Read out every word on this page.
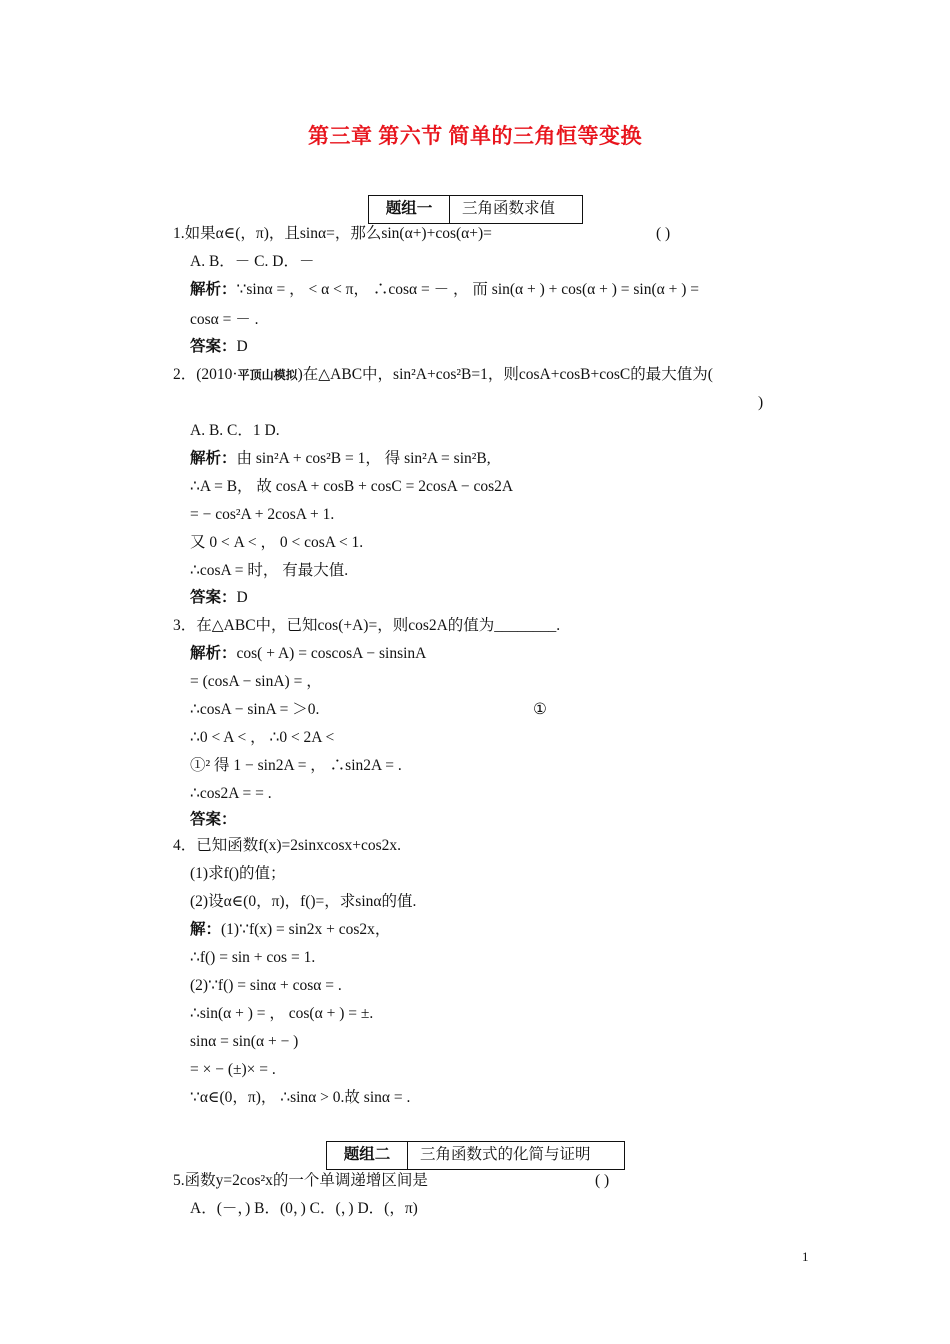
第三章 第六节 简单的三角恒等变换
题组一	三角函数求值
1.如果α∈(，π)，且sinα=，那么sin(α+)+cos(α+)=	( )
A. B．－ C. D．－
解析：∵sinα = ， < α < π， ∴cosα = － ， 而 sin(α + ) + cos(α + ) = sin(α + ) =
cosα = － .
答案：D
2．(2010·平顶山模拟)在△ABC中，sin²A+cos²B=1，则cosA+cosB+cosC的最大值为(
)
A. B. C．1 D.
解析：由 sin²A + cos²B = 1， 得 sin²A = sin²B,
∴A = B， 故 cosA + cosB + cosC = 2cosA − cos2A
= − cos²A + 2cosA + 1.
又 0 < A < ， 0 < cosA < 1.
∴cosA = 时， 有最大值.
答案：D
3．在△ABC中，已知cos(+A)=，则cos2A的值为________.
解析：cos( + A) = coscosA − sinsinA
= (cosA − sinA) = ，
∴cosA − sinA = ＞0.	①
∴0 < A < ， ∴0 < 2A <
①² 得 1 − sin2A = ， ∴sin2A = .
∴cos2A = = .
答案：
4．已知函数f(x)=2sinxcosx+cos2x.
(1)求f()的值；
(2)设α∈(0，π)，f()=，求sinα的值.
解：(1)∵f(x) = sin2x + cos2x，
∴f() = sin + cos = 1.
(2)∵f() = sinα + cosα = .
∴sin(α + ) = ， cos(α + ) = ±.
sinα = sin(α + − )
= × − (±)× = .
∵α∈(0，π)， ∴sinα > 0.故 sinα = .
题组二	三角函数式的化简与证明
5.函数y=2cos²x的一个单调递增区间是	( )
A．(－，) B．(0，) C．(，) D．(，π)
1
